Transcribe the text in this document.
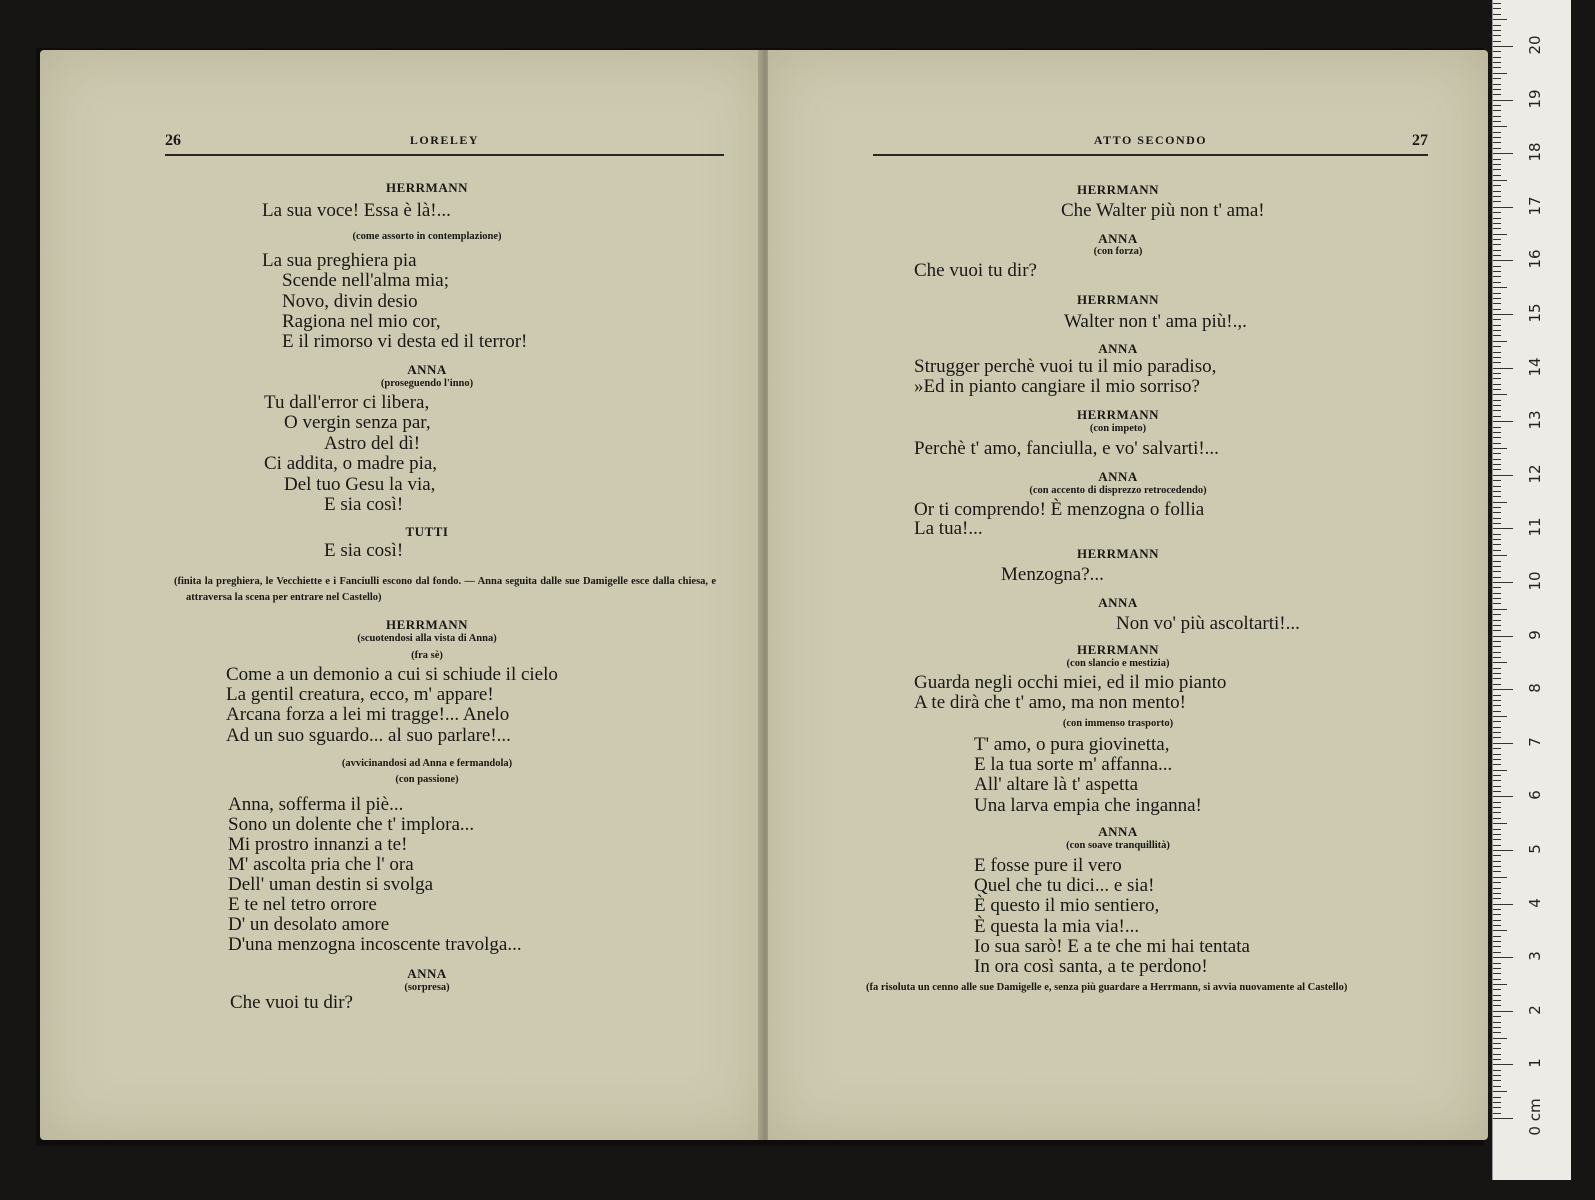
26	LORELEY
HERRMANN
La sua voce! Essa è là!...
(come assorto in contemplazione)
La sua preghiera pia
Scende nell'alma mia;
Novo, divin desio
Ragiona nel mio cor,
E il rimorso vi desta ed il terror!
ANNA
(proseguendo l'inno)
Tu dall'error ci libera,
O vergin senza par,
Astro del dì!
Ci addita, o madre pia,
Del tuo Gesu la via,
E sia così!
TUTTI
E sia così!
(finita la preghiera, le Vecchiette e i Fanciulli escono dal fondo. — Anna seguita dalle sue Damigelle esce dalla chiesa, e attraversa la scena per entrare nel Castello)
HERRMANN
(scuotendosi alla vista di Anna)
(fra sè)
Come a un demonio a cui si schiude il cielo
La gentil creatura, ecco, m' appare!
Arcana forza a lei mi tragge!... Anelo
Ad un suo sguardo... al suo parlare!...
(avvicinandosi ad Anna e fermandola)
(con passione)
Anna, sofferma il piè...
Sono un dolente che t' implora...
Mi prostro innanzi a te!
M' ascolta pria che l' ora
Dell' uman destin si svolga
E te nel tetro orrore
D' un desolato amore
D'una menzogna incoscente travolga...
ANNA
(sorpresa)
Che vuoi tu dir?
ATTO SECONDO	27
HERRMANN
Che Walter più non t' ama!
ANNA
(con forza)
Che vuoi tu dir?
HERRMANN
Walter non t' ama più!.,.
ANNA
Strugger perchè vuoi tu il mio paradiso,
»Ed in pianto cangiare il mio sorriso?
HERRMANN
(con impeto)
Perchè t' amo, fanciulla, e vo' salvarti!...
ANNA
(con accento di disprezzo retrocedendo)
Or ti comprendo! È menzogna o follia
La tua!...
HERRMANN
Menzogna?...
ANNA
Non vo' più ascoltarti!...
HERRMANN
(con slancio e mestizia)
Guarda negli occhi miei, ed il mio pianto
A te dirà che t' amo, ma non mento!
(con immenso trasporto)
T' amo, o pura giovinetta,
E la tua sorte m' affanna...
All' altare là t' aspetta
Una larva empia che inganna!
ANNA
(con soave tranquillità)
E fosse pure il vero
Quel che tu dici... e sia!
È questo il mio sentiero,
È questa la mia via!...
Io sua sarò! E a te che mi hai tentata
In ora così santa, a te perdono!
(fa risoluta un cenno alle sue Damigelle e, senza più guardare a Herrmann, si avvia nuovamente al Castello)
0 cm
1
2
3
4
5
6
7
8
9
10
11
12
13
14
15
16
17
18
19
20
